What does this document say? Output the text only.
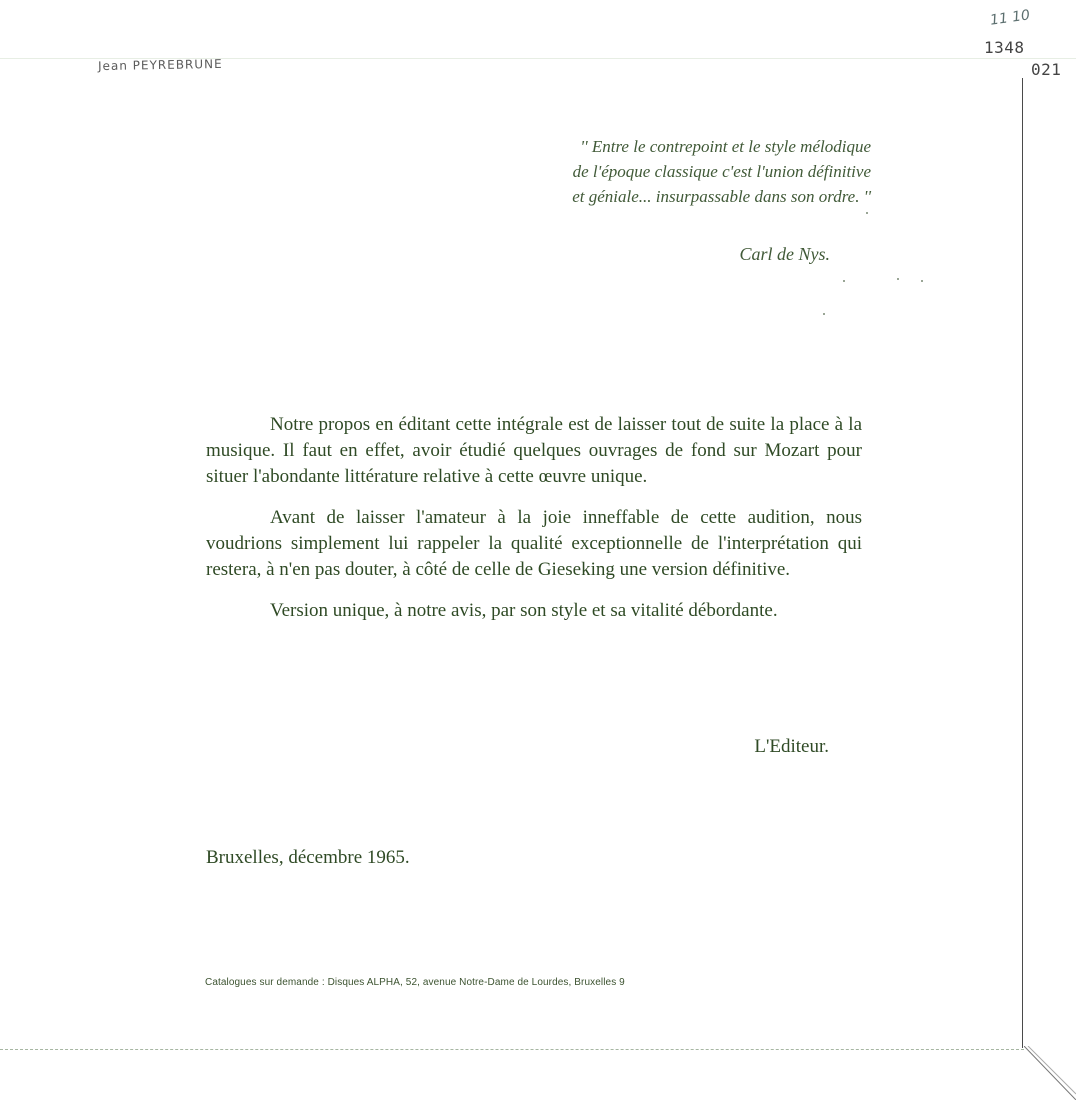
Jean PEYREBRUNE
11 10
1348
021
'' Entre le contrepoint et le style mélodique
de l'époque classique c'est l'union définitive
et géniale... insurpassable dans son ordre. ''
Carl de Nys.

Notre propos en éditant cette intégrale est de laisser tout de suite la place à la musique. Il faut en effet, avoir étudié quelques ouvrages de fond sur Mozart pour situer l'abondante littérature relative à cette œuvre unique.

Avant de laisser l'amateur à la joie inneffable de cette audition, nous voudrions simplement lui rappeler la qualité exceptionnelle de l'interprétation qui restera, à n'en pas douter, à côté de celle de Gieseking une version définitive.

Version unique, à notre avis, par son style et sa vitalité débordante.

L'Editeur.
Bruxelles, décembre 1965.
Catalogues sur demande : Disques ALPHA, 52, avenue Notre-Dame de Lourdes, Bruxelles 9
